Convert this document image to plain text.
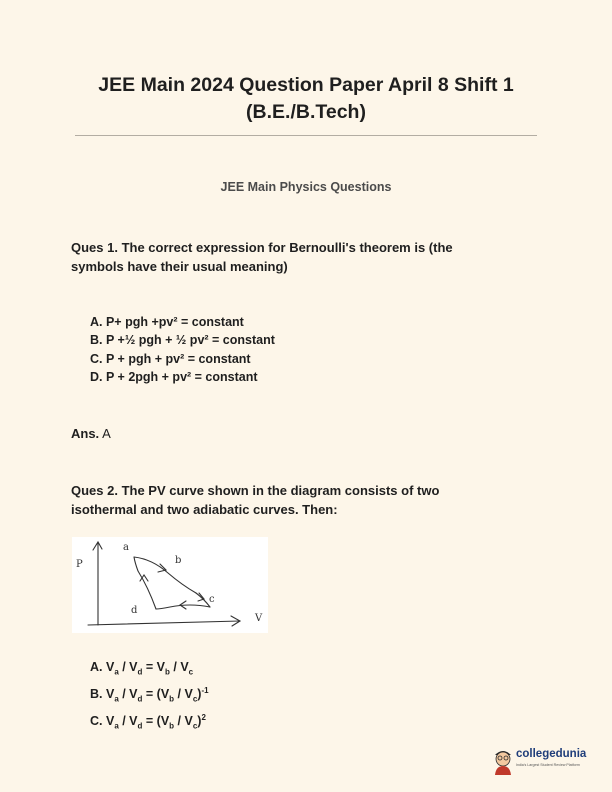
JEE Main 2024 Question Paper April 8 Shift 1
(B.E./B.Tech)
JEE Main Physics Questions
Ques 1. The correct expression for Bernoulli's theorem is (the
symbols have their usual meaning)
A. P+ pgh +pv² = constant
B. P +½ pgh + ½ pv² = constant
C. P + pgh + pv² = constant
D. P + 2pgh + pv² = constant
Ans. A
Ques 2. The PV curve shown in the diagram consists of two
isothermal and two adiabatic curves. Then:
P
V
a
b
c
d
A. $V_a / V_d = V_b / V_c$
B. $V_a / V_d = (V_b / V_c)^{-1}$
C. $V_a / V_d = (V_b / V_c)^2$
collegedunia
India's Largest Student Review Platform
